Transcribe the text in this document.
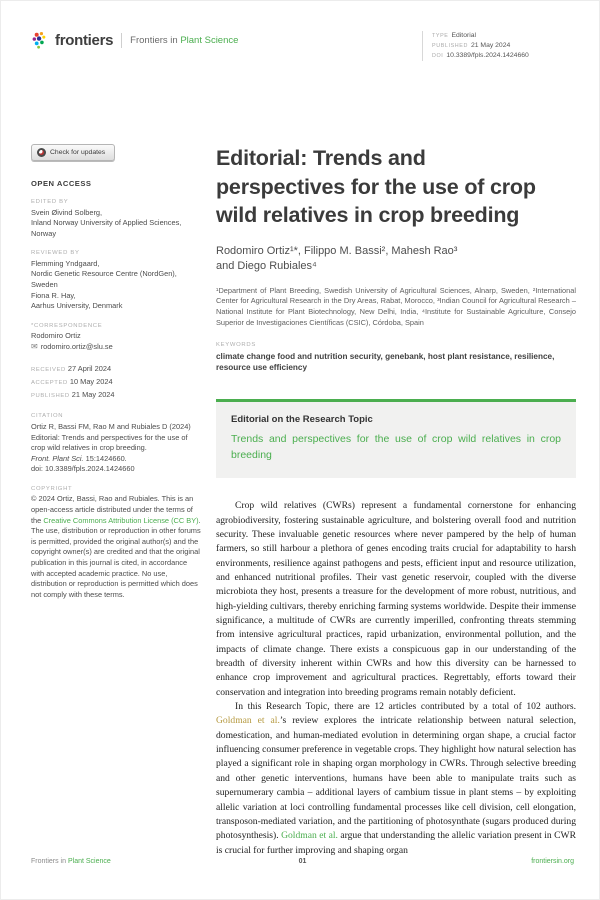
frontiers Frontiers in Plant Science	TYPE Editorial
PUBLISHED 21 May 2024
DOI 10.3389/fpls.2024.1424660
Check for updates
OPEN ACCESS
EDITED BY
Svein Øivind Solberg,
Inland Norway University of Applied Sciences, Norway
REVIEWED BY
Flemming Yndgaard,
Nordic Genetic Resource Centre (NordGen), Sweden
Fiona R. Hay,
Aarhus University, Denmark
*CORRESPONDENCE
Rodomiro Ortiz
✉ rodomiro.ortiz@slu.se
RECEIVED 27 April 2024
ACCEPTED 10 May 2024
PUBLISHED 21 May 2024
CITATION
Ortiz R, Bassi FM, Rao M and Rubiales D (2024) Editorial: Trends and perspectives for the use of crop wild relatives in crop breeding.
Front. Plant Sci. 15:1424660.
doi: 10.3389/fpls.2024.1424660
COPYRIGHT
© 2024 Ortiz, Bassi, Rao and Rubiales. This is an open-access article distributed under the terms of the Creative Commons Attribution License (CC BY). The use, distribution or reproduction in other forums is permitted, provided the original author(s) and the copyright owner(s) are credited and that the original publication in this journal is cited, in accordance with accepted academic practice. No use, distribution or reproduction is permitted which does not comply with these terms.
Editorial: Trends and perspectives for the use of crop wild relatives in crop breeding
Rodomiro Ortiz¹*, Filippo M. Bassi², Mahesh Rao³
and Diego Rubiales⁴
¹Department of Plant Breeding, Swedish University of Agricultural Sciences, Alnarp, Sweden, ²International Center for Agricultural Research in the Dry Areas, Rabat, Morocco, ³Indian Council for Agricultural Research – National Institute for Plant Biotechnology, New Delhi, India, ⁴Institute for Sustainable Agriculture, Consejo Superior de Investigaciones Científicas (CSIC), Córdoba, Spain
KEYWORDS
climate change food and nutrition security, genebank, host plant resistance, resilience, resource use efficiency
Editorial on the Research Topic
Trends and perspectives for the use of crop wild relatives in crop breeding

Crop wild relatives (CWRs) represent a fundamental cornerstone for enhancing agrobiodiversity, fostering sustainable agriculture, and bolstering overall food and nutrition security. These invaluable genetic resources where never pampered by the help of human farmers, so still harbour a plethora of genes encoding traits crucial for adaptability to harsh environments, resilience against pathogens and pests, efficient input and resource utilization, and enhanced nutritional profiles. Their vast genetic reservoir, coupled with the diverse microbiota they host, presents a treasure for the development of more robust, nutritious, and high-yielding cultivars, thereby enriching farming systems worldwide. Despite their immense significance, a multitude of CWRs are currently imperilled, confronting threats stemming from intensive agricultural practices, rapid urbanization, environmental pollution, and the impacts of climate change. There exists a conspicuous gap in our understanding of the breadth of diversity inherent within CWRs and how this diversity can be harnessed to enhance crop improvement and agricultural practices. Regrettably, efforts toward their conservation and integration into breeding programs remain notably deficient.

In this Research Topic, there are 12 articles contributed by a total of 102 authors. Goldman et al.’s review explores the intricate relationship between natural selection, domestication, and human-mediated evolution in determining organ shape, a crucial factor influencing consumer preference in vegetable crops. They highlight how natural selection has played a significant role in shaping organ morphology in CWRs. Through selective breeding and other genetic interventions, humans have been able to manipulate traits such as supernumerary cambia – additional layers of cambium tissue in plant stems – by exploiting allelic variation at loci controlling fundamental processes like cell division, cell elongation, transposon-mediated variation, and the partitioning of photosynthate (sugars produced during photosynthesis). Goldman et al. argue that understanding the allelic variation present in CWR is crucial for further improving and shaping organ

Frontiers in Plant Science	01	frontiersin.org
